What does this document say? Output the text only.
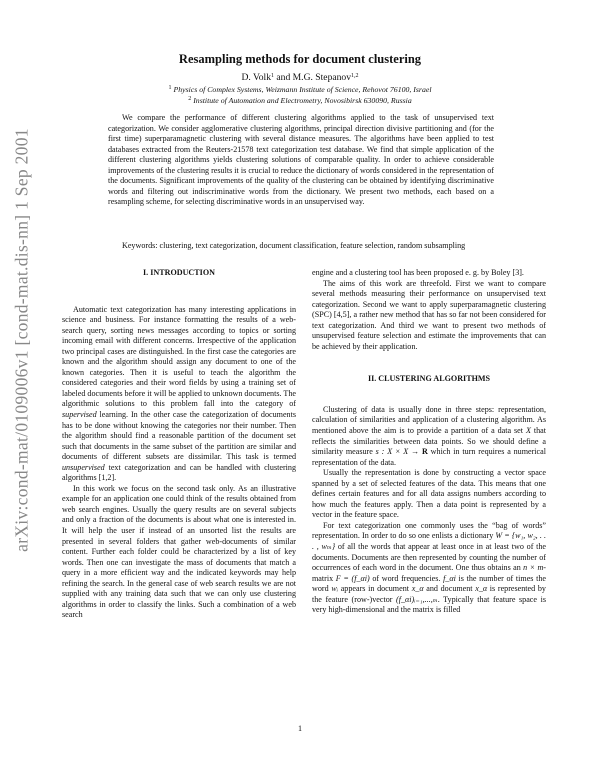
arXiv:cond-mat/0109006v1 [cond-mat.dis-nn] 1 Sep 2001
Resampling methods for document clustering
D. Volk$^1$ and M.G. Stepanov$^{1,2}$
$^1$ Physics of Complex Systems, Weizmann Institute of Science, Rehovot 76100, Israel
$^2$ Institute of Automation and Electrometry, Novosibirsk 630090, Russia

We compare the performance of different clustering algorithms applied to the task of unsupervised text categorization. We consider agglomerative clustering algorithms, principal direction divisive partitioning and (for the first time) superparamagnetic clustering with several distance measures. The algorithms have been applied to test databases extracted from the Reuters-21578 text categorization test database. We find that simple application of the different clustering algorithms yields clustering solutions of comparable quality. In order to achieve considerable improvements of the clustering results it is crucial to reduce the dictionary of words considered in the representation of the documents. Significant improvements of the quality of the clustering can be obtained by identifying discriminative words and filtering out indiscriminative words from the dictionary. We present two methods, each based on a resampling scheme, for selecting discriminative words in an unsupervised way.

Keywords: clustering, text categorization, document classification, feature selection, random subsampling

I. INTRODUCTION

Automatic text categorization has many interesting applications in science and business. For instance formatting the results of a web-search query, sorting news messages according to topics or sorting incoming email with different concerns. Irrespective of the application two principal cases are distinguished. In the first case the categories are known and the algorithm should assign any document to one of the known categories. Then it is useful to teach the algorithm the considered categories and their word fields by using a training set of labeled documents before it will be applied to unknown documents. The algorithmic solutions to this problem fall into the category of supervised learning. In the other case the categorization of documents has to be done without knowing the categories nor their number. Then the algorithm should find a reasonable partition of the document set such that documents in the same subset of the partition are similar and documents of different subsets are dissimilar. This task is termed unsupervised text categorization and can be handled with clustering algorithms [1,2].

In this work we focus on the second task only. As an illustrative example for an application one could think of the results obtained from web search engines. Usually the query results are on several subjects and only a fraction of the documents is about what one is interested in. It will help the user if instead of an unsorted list the results are presented in several folders that gather web-documents of similar content. Further each folder could be characterized by a list of key words. Then one can investigate the mass of documents that match a query in a more efficient way and the indicated keywords may help refining the search. In the general case of web search results we are not supplied with any training data such that we can only use clustering algorithms in order to classify the links. Such a combination of a web search

engine and a clustering tool has been proposed e. g. by Boley [3].

The aims of this work are threefold. First we want to compare several methods measuring their performance on unsupervised text categorization. Second we want to apply superparamagnetic clustering (SPC) [4,5], a rather new method that has so far not been considered for text categorization. And third we want to present two methods of unsupervised feature selection and estimate the improvements that can be achieved by their application.

II. CLUSTERING ALGORITHMS

Clustering of data is usually done in three steps: representation, calculation of similarities and application of a clustering algorithm. As mentioned above the aim is to provide a partition of a data set X that reflects the similarities between data points. So we should define a similarity measure s : X × X → R which in turn requires a numerical representation of the data.

Usually the representation is done by constructing a vector space spanned by a set of selected features of the data. This means that one defines certain features and for all data assigns numbers according to how much the features apply. Then a data point is represented by a vector in the feature space.

For text categorization one commonly uses the “bag of words” representation. In order to do so one enlists a dictionary W = {w₁, w₂, . . . , wₘ} of all the words that appear at least once in at least two of the documents. Documents are then represented by counting the number of occurrences of each word in the document. One thus obtains an n × m-matrix F = (f_αi) of word frequencies. f_αi is the number of times the word wᵢ appears in document x_α and document x_α is represented by the feature (row-)vector (f_αi)ᵢ₌₁,...,ₘ. Typically that feature space is very high-dimensional and the matrix is filled

1
